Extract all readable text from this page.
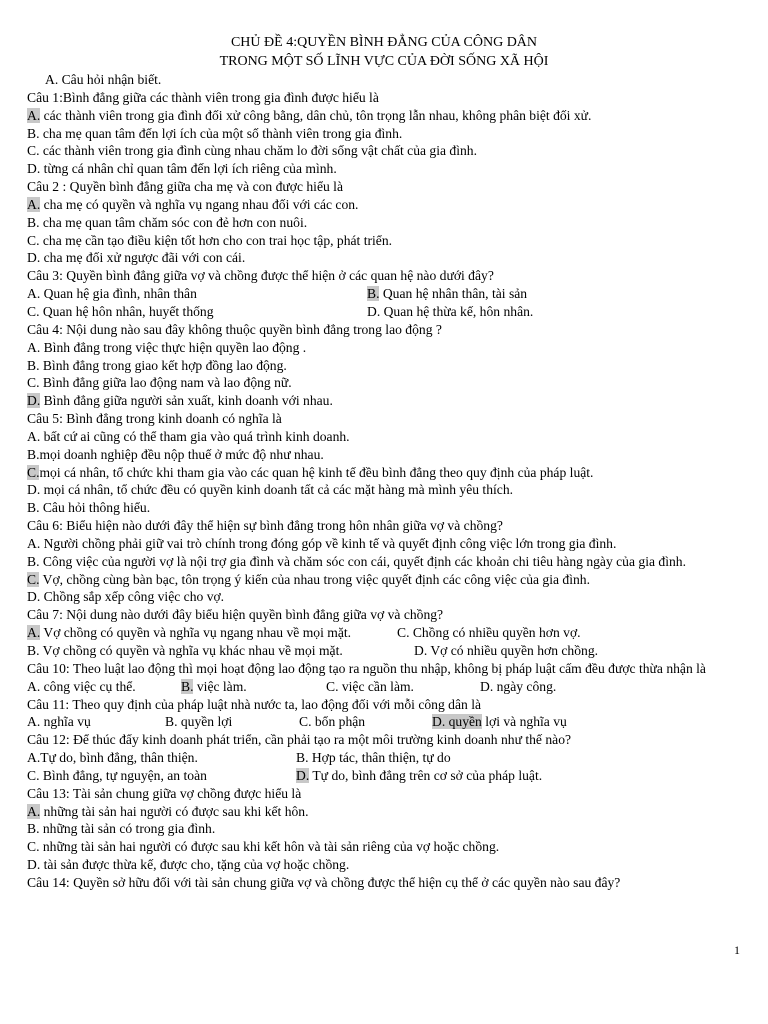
CHỦ ĐỀ 4:QUYỀN BÌNH ĐẲNG CỦA CÔNG DÂN
TRONG MỘT SỐ LĨNH VỰC CỦA ĐỜI SỐNG XÃ HỘI
A. Câu hỏi nhận biết.
Câu 1:Bình đẳng giữa các thành viên trong gia đình được hiểu là
A. các thành viên trong gia đình đối xử công bằng, dân chủ, tôn trọng lẫn nhau, không phân biệt đối xử.
B. cha mẹ quan tâm đến lợi ích của một số thành viên trong gia đình.
C. các thành viên trong gia đình cùng nhau chăm lo đời sống vật chất của gia đình.
D. từng cá nhân chỉ quan tâm đến lợi ích riêng của mình.
Câu 2 : Quyền bình đẳng giữa cha mẹ và con được hiểu là
A. cha mẹ có quyền và nghĩa vụ ngang nhau đối với các con.
B. cha mẹ quan tâm chăm sóc con đẻ hơn con nuôi.
C. cha mẹ cần tạo điều kiện tốt hơn cho con trai học tập, phát triển.
D. cha mẹ đối xử ngược đãi với con cái.
Câu 3: Quyền bình đẳng giữa vợ và chồng được thể hiện ở các quan hệ nào dưới đây?
A. Quan hệ gia đình, nhân thân	B. Quan hệ nhân thân, tài sản
C. Quan hệ hôn nhân, huyết thống	D. Quan hệ thừa kế, hôn nhân.
Câu 4: Nội dung nào sau đây không thuộc quyền bình đẳng trong lao động ?
A. Bình đẳng trong việc thực hiện quyền lao động .
B. Bình đẳng trong giao kết hợp đồng lao động.
C. Bình đẳng giữa lao động nam và lao động nữ.
D. Bình đẳng giữa người sản xuất, kinh doanh với nhau.
Câu 5: Bình đẳng trong kinh doanh có nghĩa là
A. bất cứ ai cũng có thể tham gia vào quá trình kinh doanh.
B.mọi doanh nghiệp đều nộp thuế ở mức độ như nhau.
C.mọi cá nhân, tổ chức khi tham gia vào các quan hệ kinh tế đều bình đẳng theo quy định của pháp luật.
D. mọi cá nhân, tổ chức đều có quyền kinh doanh tất cả các mặt hàng mà mình yêu thích.
B. Câu hỏi thông hiểu.
Câu 6: Biểu hiện nào dưới đây thể hiện sự bình đẳng trong hôn nhân giữa vợ và chồng?
A. Người chồng phải giữ vai trò chính trong đóng góp về kinh tế và quyết định công việc lớn trong gia đình.
B. Công việc của người vợ là nội trợ gia đình và chăm sóc con cái, quyết định các khoản chi tiêu hàng ngày của gia đình.
C. Vợ, chồng cùng bàn bạc, tôn trọng ý kiến của nhau trong việc quyết định các công việc của gia đình.
D. Chồng sắp xếp công việc cho vợ.
Câu 7: Nội dung nào dưới đây biểu hiện quyền bình đẳng giữa vợ và chồng?
A. Vợ chồng có quyền và nghĩa vụ ngang nhau về mọi mặt.	C. Chồng có nhiều quyền hơn vợ.
B. Vợ chồng có quyền và nghĩa vụ khác nhau về mọi mặt.	D. Vợ có nhiều quyền hơn chồng.
Câu 10: Theo luật lao động thì mọi hoạt động lao động tạo ra nguồn thu nhập, không bị pháp luật cấm đều được thừa nhận là
A. công việc cụ thể.	B. việc làm.	C. việc cần làm.	D. ngày công.
Câu 11: Theo quy định của pháp luật nhà nước ta, lao động đối với mỗi công dân là
A. nghĩa vụ	B. quyền lợi	C. bổn phận	D. quyền lợi và nghĩa vụ
Câu 12: Để thúc đẩy kinh doanh phát triển, cần phải tạo ra một môi trường kinh doanh như thế nào?
A.Tự do, bình đẳng, thân thiện.	B. Hợp tác, thân thiện, tự do
C. Bình đẳng, tự nguyện, an toàn	D. Tự do, bình đẳng trên cơ sở của pháp luật.
Câu 13: Tài sản chung giữa vợ chồng được hiểu là
A. những tài sản hai người có được sau khi kết hôn.
B. những tài sản có trong gia đình.
C. những tài sản hai người có được sau khi kết hôn và tài sản riêng của vợ hoặc chồng.
D. tài sản được thừa kế, được cho, tặng của vợ hoặc chồng.
Câu 14: Quyền sở hữu đối với tài sản chung giữa vợ và chồng được thể hiện cụ thể ở các quyền nào sau đây?
1
